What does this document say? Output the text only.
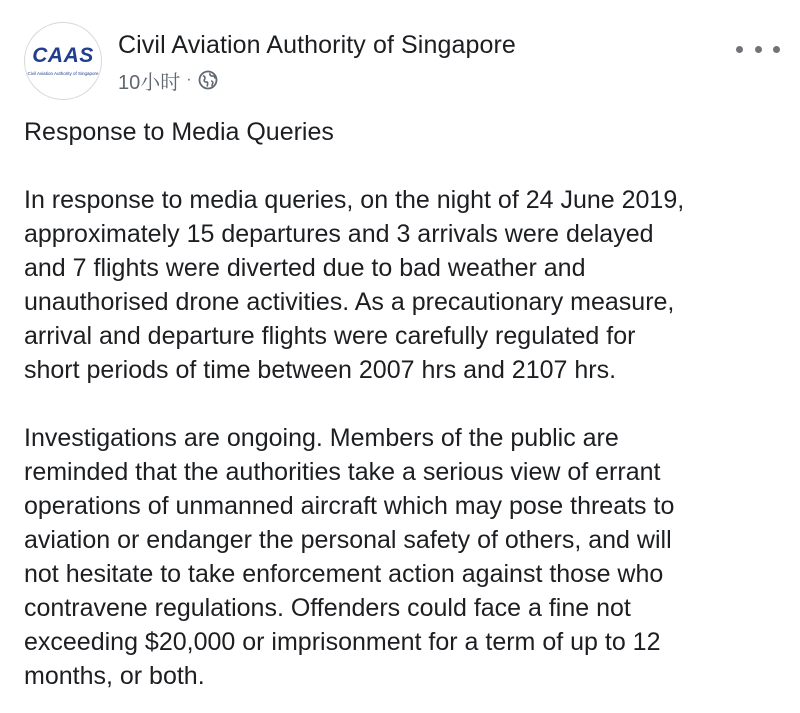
CAAS
Civil Aviation Authority of Singapore
Civil Aviation Authority of Singapore
10小时 ·

Response to Media Queries

In response to media queries, on the night of 24 June 2019,
approximately 15 departures and 3 arrivals were delayed
and 7 flights were diverted due to bad weather and
unauthorised drone activities. As a precautionary measure,
arrival and departure flights were carefully regulated for
short periods of time between 2007 hrs and 2107 hrs.

Investigations are ongoing. Members of the public are
reminded that the authorities take a serious view of errant
operations of unmanned aircraft which may pose threats to
aviation or endanger the personal safety of others, and will
not hesitate to take enforcement action against those who
contravene regulations. Offenders could face a fine not
exceeding $20,000 or imprisonment for a term of up to 12
months, or both.
